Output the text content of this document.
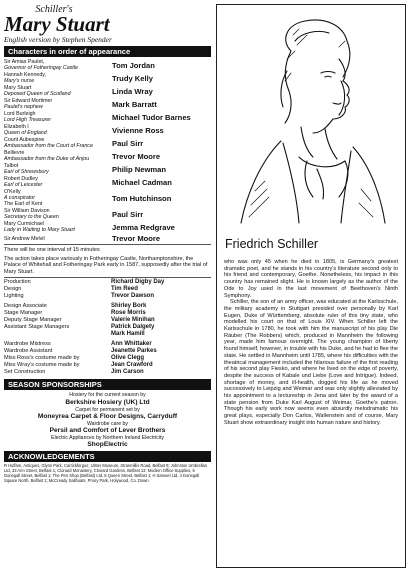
Schiller's
Mary Stuart
English version by Stephen Spender
Characters in order of appearance
Sir Amias Paulet,
Governor of Fotheringay Castle	Tom Jordan
Hannah Kennedy,
Mary's nurse	Trudy Kelly
Mary Stuart
Deposed Queen of Scotland	Linda Wray
Sir Edward Mortimer
Paulet's nephew	Mark Barratt
Lord Burleigh
Lord High Treasurer	Michael Tudor Barnes
Elizabeth I
Queen of England	Vivienne Ross
Count Aubespine
Ambassador from the Court of France	Paul Sirr
Bellievre
Ambassador from the Duke of Anjou	Trevor Moore
Talbot
Earl of Shrewsbury	Philip Newman
Robert Dudley
Earl of Leicester	Michael Cadman
O'Kelly
A conspirator
The Earl of Kent
Tom Hutchinson
Sir William Davison
Secretary to the Queen	Paul Sirr
Mary Curmichael
Lady in Waiting to Mary Stuart	Jemma Redgrave
Sir Andrew Melvil	Trevor Moore
There will be one interval of 15 minutes
The action takes place variously in Fotheringay Castle, Northamptonshire, the Palace of Whitehall and Fotheringay Park early in 1587, supposedly after the trial of Mary Stuart.
Production	Richard Digby Day
Design	Tim Reed
Lighting	Trevor Dawson
Design Associate	Shirley Bork
Stage Manager	Rose Morris
Deputy Stage Manager	Valerie Minihan
Assistant Stage Managers	Patrick Dalgety
Mark Hamill
Wardrobe Mistress	Ann Whittaker
Wardrobe Assistant	Jeanette Parkes
Miss Ross's costume made by	Olive Clegg
Miss Wray's costume made by	Jean Crawford
Set Construction	Jim Carson
SEASON SPONSORSHIPS
Hosiery for the current season by
Berkshire Hosiery (UK) Ltd
Carpet for permanent set by
Moneyrea Carpet & Floor Designs, Carryduff
Wardrobe care by
Persil and Comfort of Lever Brothers
Electric Appliances by Northern Ireland Electricity
ShopElectric
ACKNOWLEDGEMENTS
R Huffam, Antiques, Glynn Park, Carrickfergus; Ulster Museum, Stranmillis Road, Belfast 9; Johnston Umbrellas Ltd, 33 Ann Street, Belfast 1; Clonard Monastery, Clonard Gardens, Belfast 13; Modern Office Supplies, 5 Donegall Street, Belfast 1; The Pen Shop (Belfast) Ltd, 8 Queen Street, Belfast 1; H Samuel Ltd, 4 Donegall Square North, Belfast 1; McCready Sailboats, Priory Park, Holywood, Co. Down.
Friedrich Schiller

who was only 45 when he died in 1805, is Germany's greatest dramatic poet, and he stands in his country's literature second only to his friend and contemporary, Goethe. Nonetheless, his impact in this country has remained slight. He is known largely as the author of the Ode to Joy used in the last movement of Beethoven's Ninth Symphony.

Schiller, the son of an army officer, was educated at the Karlsschule, the military academy in Stuttgart presided over personally by Karl Eugen, Duke of Württemberg, absolute ruler of this tiny state, who modelled his court on that of Louis XIV. When Schiller left the Karlsschule in 1780, he took with him the manuscript of his play Die Räuber (The Robbers) which, produced in Mannheim the following year, made him famous overnight. The young champion of liberty found himself, however, in trouble with his Duke, and he had to flee the state. He settled in Mannheim until 1785, where his difficulties with the theatrical management included the hilarious failure of the first reading of his second play Fiesko, and where he lived on the edge of poverty, despite the success of Kabale und Liebe (Love and Intrigue). Indeed, shortage of money, and ill-health, dogged his life as he moved successively to Leipzig and Weimar and was only slightly alleviated by his appointment to a lectureship in Jena and later by the award of a state pension from Duke Karl August of Weimar, Goethe's patron. Though his early work now seems even absurdly melodramatic his great plays, especially Don Carlos, Wallenstein and of course, Mary Stuart show extraordinary insight into human nature and history.
